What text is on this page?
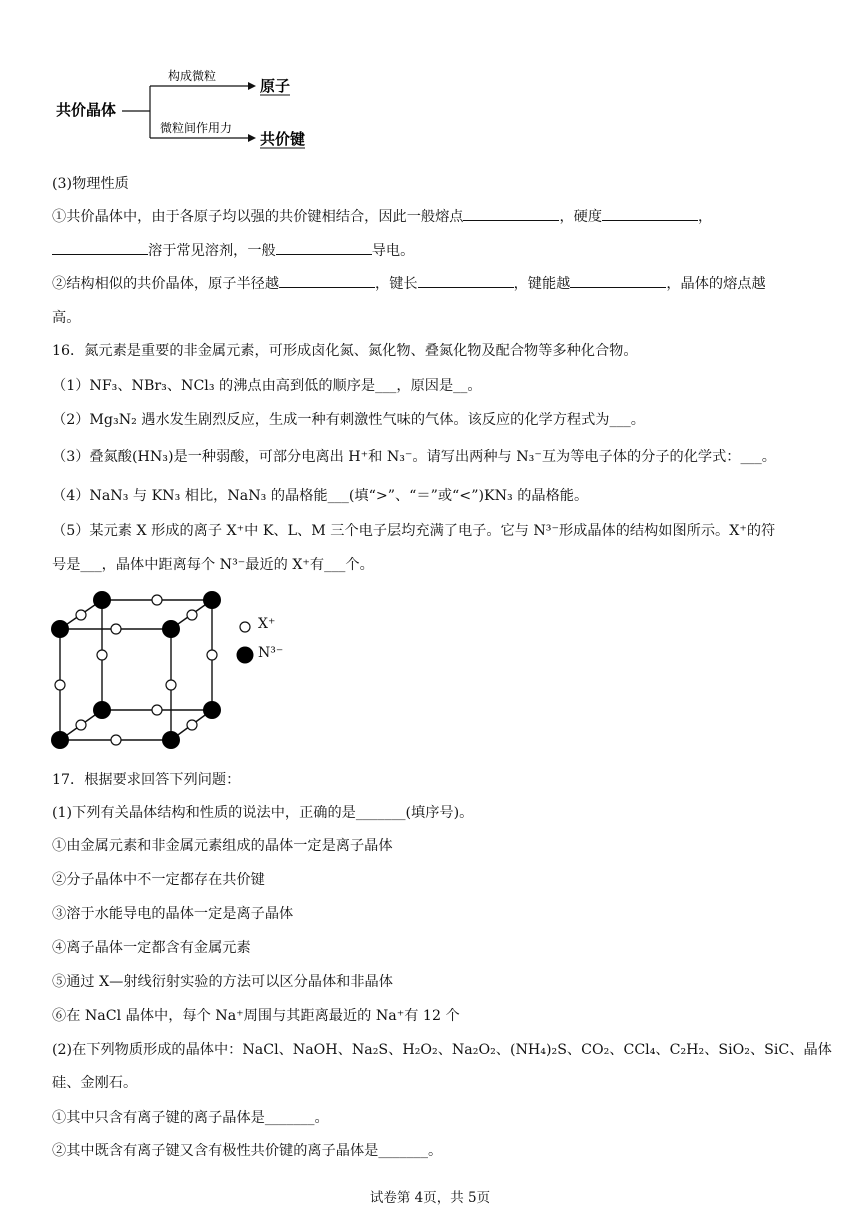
共价晶体
构成微粒
微粒间作用力
原子
共价键
(3)物理性质
①共价晶体中，由于各原子均以强的共价键相结合，因此一般熔点	，硬度	，
溶于常见溶剂，一般	导电。
②结构相似的共价晶体，原子半径越	，键长	，键能越	，晶体的熔点越
高。
16．氮元素是重要的非金属元素，可形成卤化氮、氮化物、叠氮化物及配合物等多种化合物。
（1）NF₃、NBr₃、NCl₃ 的沸点由高到低的顺序是___，原因是__。
（2）Mg₃N₂ 遇水发生剧烈反应，生成一种有刺激性气味的气体。该反应的化学方程式为___。
（3）叠氮酸(HN₃)是一种弱酸，可部分电离出 H⁺和 N₃⁻。请写出两种与 N₃⁻互为等电子体的分子的化学式：___。
（4）NaN₃ 与 KN₃ 相比，NaN₃ 的晶格能___(填“>”、“＝”或“<”)KN₃ 的晶格能。
（5）某元素 X 形成的离子 X⁺中 K、L、M 三个电子层均充满了电子。它与 N³⁻形成晶体的结构如图所示。X⁺的符
号是___，晶体中距离每个 N³⁻最近的 X⁺有___个。
X⁺
N³⁻
17．根据要求回答下列问题：
(1)下列有关晶体结构和性质的说法中，正确的是_______(填序号)。
①由金属元素和非金属元素组成的晶体一定是离子晶体
②分子晶体中不一定都存在共价键
③溶于水能导电的晶体一定是离子晶体
④离子晶体一定都含有金属元素
⑤通过 X—射线衍射实验的方法可以区分晶体和非晶体
⑥在 NaCl 晶体中，每个 Na⁺周围与其距离最近的 Na⁺有 12 个
(2)在下列物质形成的晶体中：NaCl、NaOH、Na₂S、H₂O₂、Na₂O₂、(NH₄)₂S、CO₂、CCl₄、C₂H₂、SiO₂、SiC、晶体
硅、金刚石。
①其中只含有离子键的离子晶体是_______。
②其中既含有离子键又含有极性共价键的离子晶体是_______。
试卷第 4页，共 5页
